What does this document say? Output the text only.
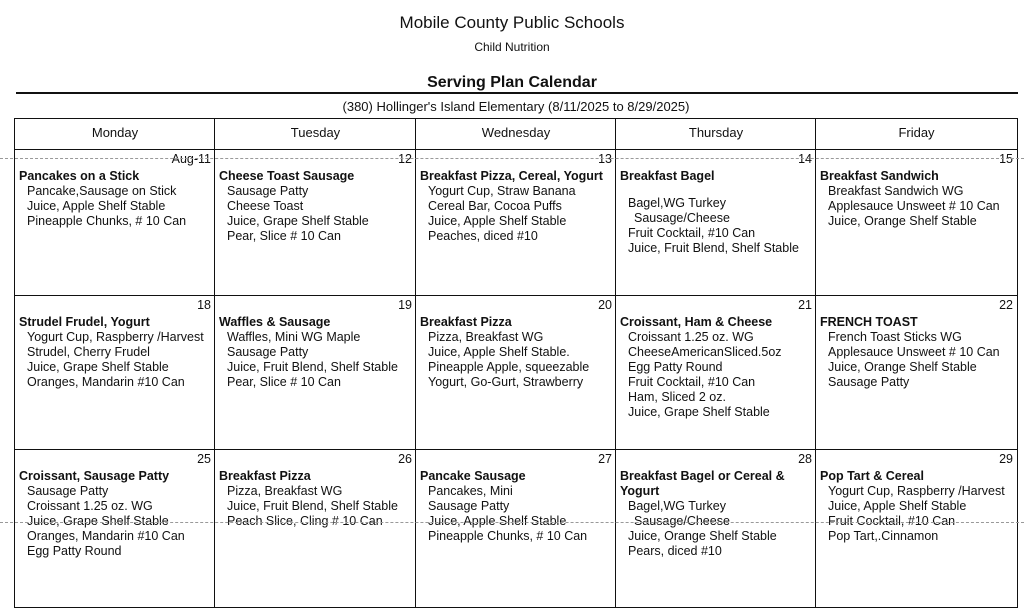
Mobile County Public Schools
Child Nutrition
Serving Plan Calendar
(380) Hollinger's Island Elementary (8/11/2025 to 8/29/2025)
Monday	Tuesday	Wednesday	Thursday	Friday
Aug-11
Pancakes on a Stick
Pancake,Sausage on Stick
Juice, Apple Shelf Stable
Pineapple Chunks, # 10 Can
12
Cheese Toast Sausage
Sausage Patty
Cheese Toast
Juice, Grape Shelf Stable
Pear, Slice # 10 Can
13
Breakfast Pizza, Cereal, Yogurt
Yogurt Cup, Straw Banana
Cereal Bar, Cocoa Puffs
Juice, Apple Shelf Stable
Peaches, diced #10
14
Breakfast Bagel
Bagel,WG Turkey
Sausage/Cheese
Fruit Cocktail, #10 Can
Juice, Fruit Blend, Shelf Stable
15
Breakfast Sandwich
Breakfast Sandwich WG
Applesauce Unsweet # 10 Can
Juice, Orange Shelf Stable
18
Strudel Frudel, Yogurt
Yogurt Cup, Raspberry /Harvest
Strudel, Cherry Frudel
Juice, Grape Shelf Stable
Oranges, Mandarin #10 Can
19
Waffles & Sausage
Waffles, Mini WG Maple
Sausage Patty
Juice, Fruit Blend, Shelf Stable
Pear, Slice # 10 Can
20
Breakfast Pizza
Pizza, Breakfast WG
Juice, Apple Shelf Stable.
Pineapple Apple, squeezable
Yogurt, Go-Gurt, Strawberry
21
Croissant, Ham & Cheese
Croissant 1.25 oz. WG
CheeseAmericanSliced.5oz
Egg Patty Round
Fruit Cocktail, #10 Can
Ham, Sliced 2 oz.
Juice, Grape Shelf Stable
22
FRENCH TOAST
French Toast Sticks WG
Applesauce Unsweet # 10 Can
Juice, Orange Shelf Stable
Sausage Patty
25
Croissant, Sausage Patty
Sausage Patty
Croissant 1.25 oz. WG
Juice, Grape Shelf Stable
Oranges, Mandarin #10 Can
Egg Patty Round
26
Breakfast Pizza
Pizza, Breakfast WG
Juice, Fruit Blend, Shelf Stable
Peach Slice, Cling # 10 Can
27
Pancake Sausage
Pancakes, Mini
Sausage Patty
Juice, Apple Shelf Stable
Pineapple Chunks, # 10 Can
28
Breakfast Bagel or Cereal & Yogurt
Bagel,WG Turkey
Sausage/Cheese
Juice, Orange Shelf Stable
Pears, diced #10
29
Pop Tart & Cereal
Yogurt Cup, Raspberry /Harvest
Juice, Apple Shelf Stable
Fruit Cocktail, #10 Can
Pop Tart,.Cinnamon
